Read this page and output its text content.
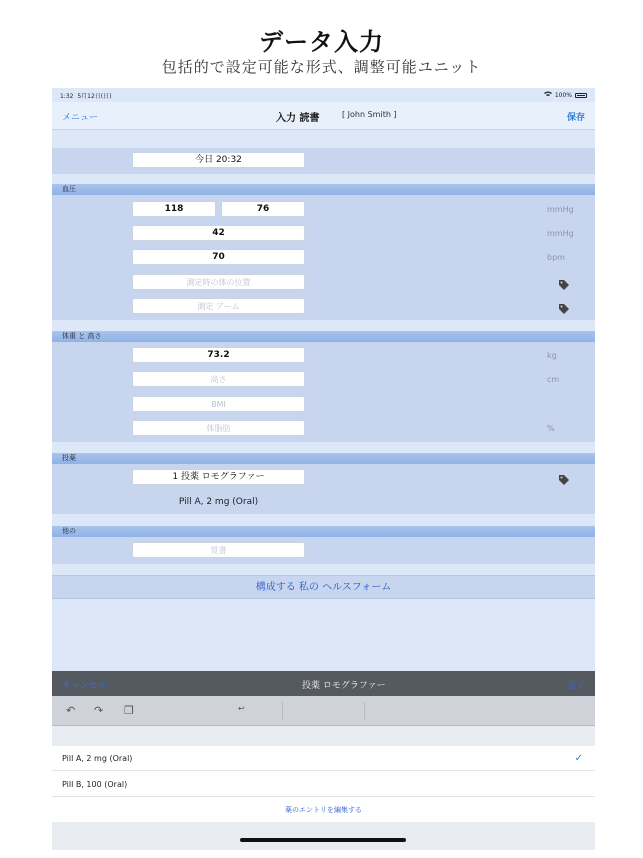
データ入力
包括的で設定可能な形式、調整可能ユニット
1:32 5月12日(日)	100%
メニュー	入力 読書	[ John Smith ]	保存
今日 20:32
血圧
118	76	mmHg
42	mmHg
70	bpm
測定時の体の位置
測定 アーム
体重 と 高さ
73.2	kg
高さ	cm
BMI
体脂肪	%
投薬
1 投薬 ロモグラファー
Pill A, 2 mg (Oral)
他の
覚書
構成する 私の ヘルスフォーム
キャンセル	投薬 ロモグラファー	完了
↶ ↷ ❐	↩
Pill A, 2 mg (Oral)	✓
Pill B, 100 (Oral)
薬のエントリを編集する
